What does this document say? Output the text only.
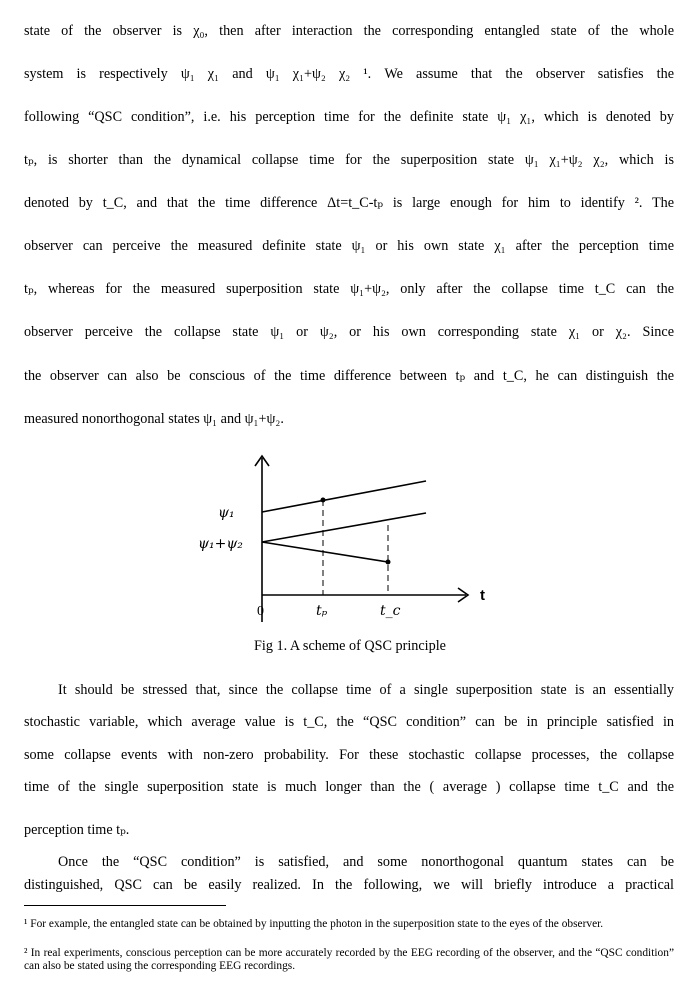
state of the observer is χ₀, then after interaction the corresponding entangled state of the whole
system is respectively ψ₁ χ₁ and ψ₁ χ₁+ψ₂ χ₂ ¹. We assume that the observer satisfies the
following “QSC condition”, i.e. his perception time for the definite state ψ₁ χ₁, which is denoted by
tₚ, is shorter than the dynamical collapse time for the superposition state ψ₁ χ₁+ψ₂ χ₂, which is
denoted by t_C, and that the time difference Δt=t_C-tₚ is large enough for him to identify ². The
observer can perceive the measured definite state ψ₁ or his own state χ₁ after the perception time
tₚ, whereas for the measured superposition state ψ₁+ψ₂, only after the collapse time t_C can the
observer perceive the collapse state ψ₁ or ψ₂, or his own corresponding state χ₁ or χ₂. Since
the observer can also be conscious of the time difference between tₚ and t_C, he can distinguish the
measured nonorthogonal states ψ₁ and ψ₁+ψ₂.
ψ₁
ψ₁+ψ₂
0	tₚ	t_c
t
Fig 1. A scheme of QSC principle
It should be stressed that, since the collapse time of a single superposition state is an essentially
stochastic variable, which average value is t_C, the “QSC condition” can be in principle satisfied in
some collapse events with non-zero probability. For these stochastic collapse processes, the collapse
time of the single superposition state is much longer than the ( average ) collapse time t_C and the
perception time tₚ.
Once the “QSC condition” is satisfied, and some nonorthogonal quantum states can be
distinguished, QSC can be easily realized. In the following, we will briefly introduce a practical
¹ For example, the entangled state can be obtained by inputting the photon in the superposition state to the eyes of the observer.
² In real experiments, conscious perception can be more accurately recorded by the EEG recording of the observer, and the “QSC condition” can also be stated using the corresponding EEG recordings.
